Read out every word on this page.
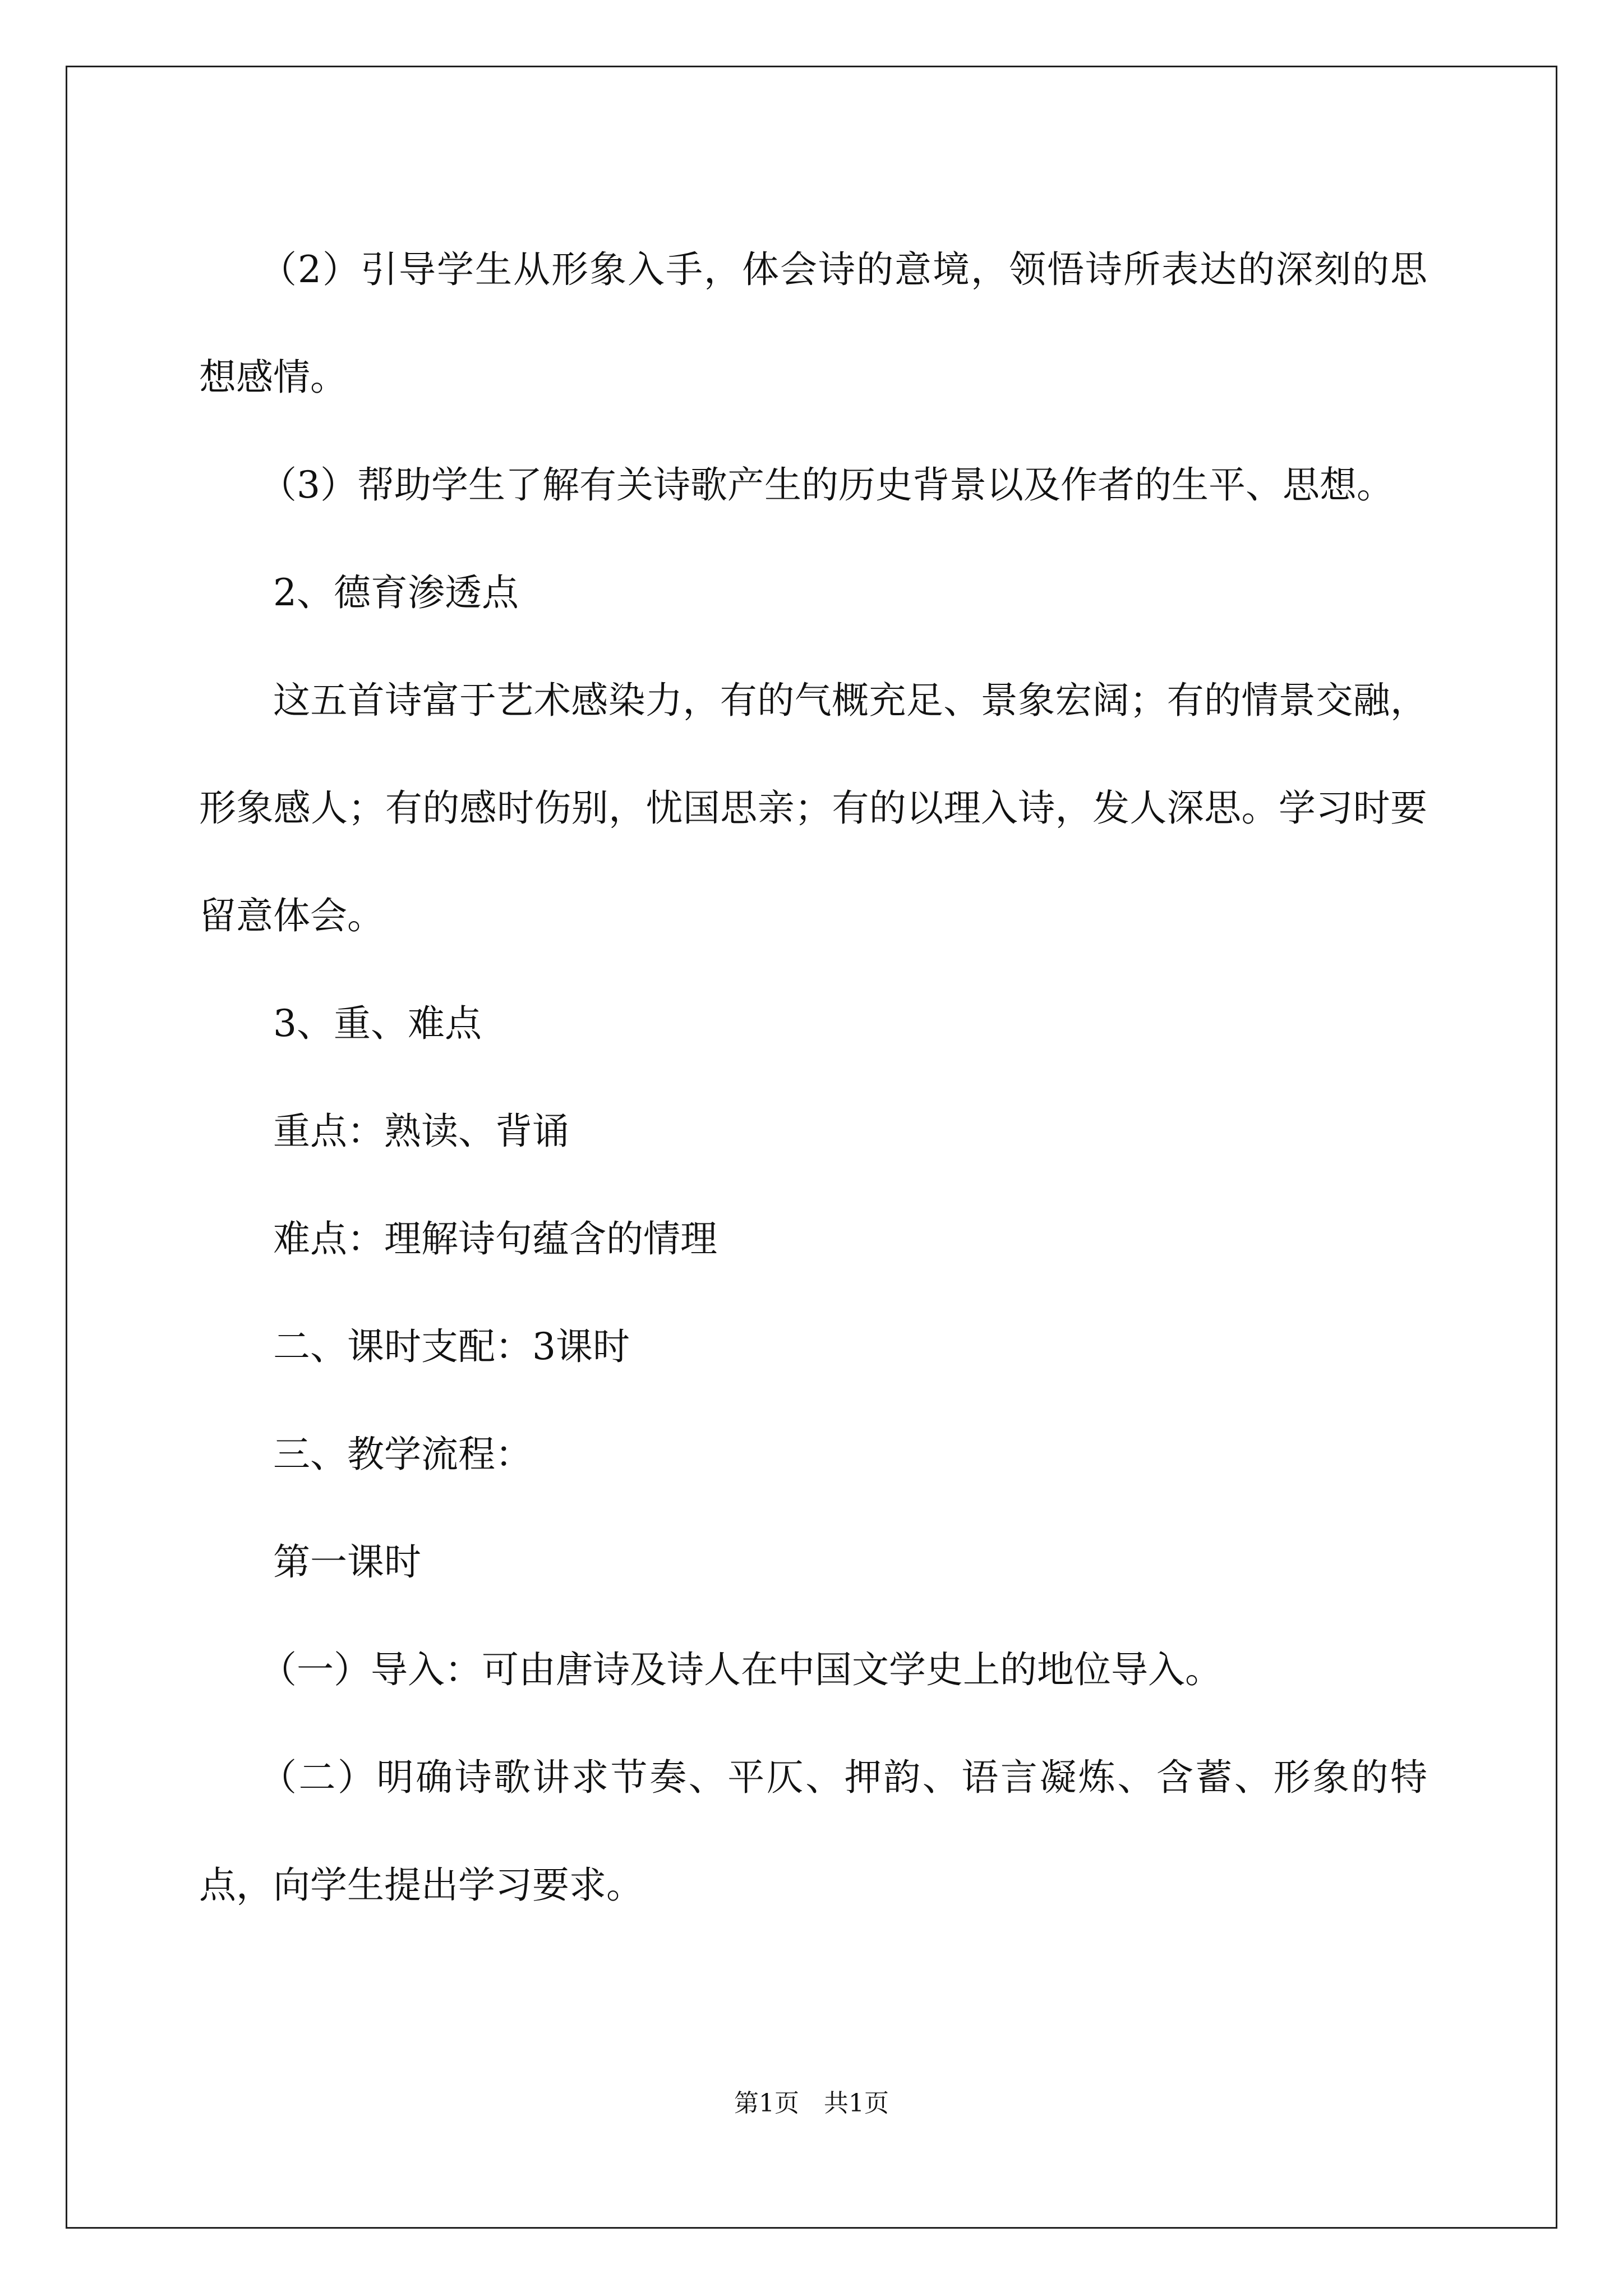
（2）引导学生从形象入手，体会诗的意境，领悟诗所表达的深刻的思想感情。

（3）帮助学生了解有关诗歌产生的历史背景以及作者的生平、思想。

2、德育渗透点

这五首诗富于艺术感染力，有的气概充足、景象宏阔；有的情景交融，形象感人；有的感时伤别，忧国思亲；有的以理入诗，发人深思。学习时要留意体会。

3、重、难点

重点：熟读、背诵

难点：理解诗句蕴含的情理

二、课时支配：3课时

三、教学流程：

第一课时

（一）导入：可由唐诗及诗人在中国文学史上的地位导入。

（二）明确诗歌讲求节奏、平仄、押韵、语言凝炼、含蓄、形象的特点，向学生提出学习要求。

第1页 共1页
